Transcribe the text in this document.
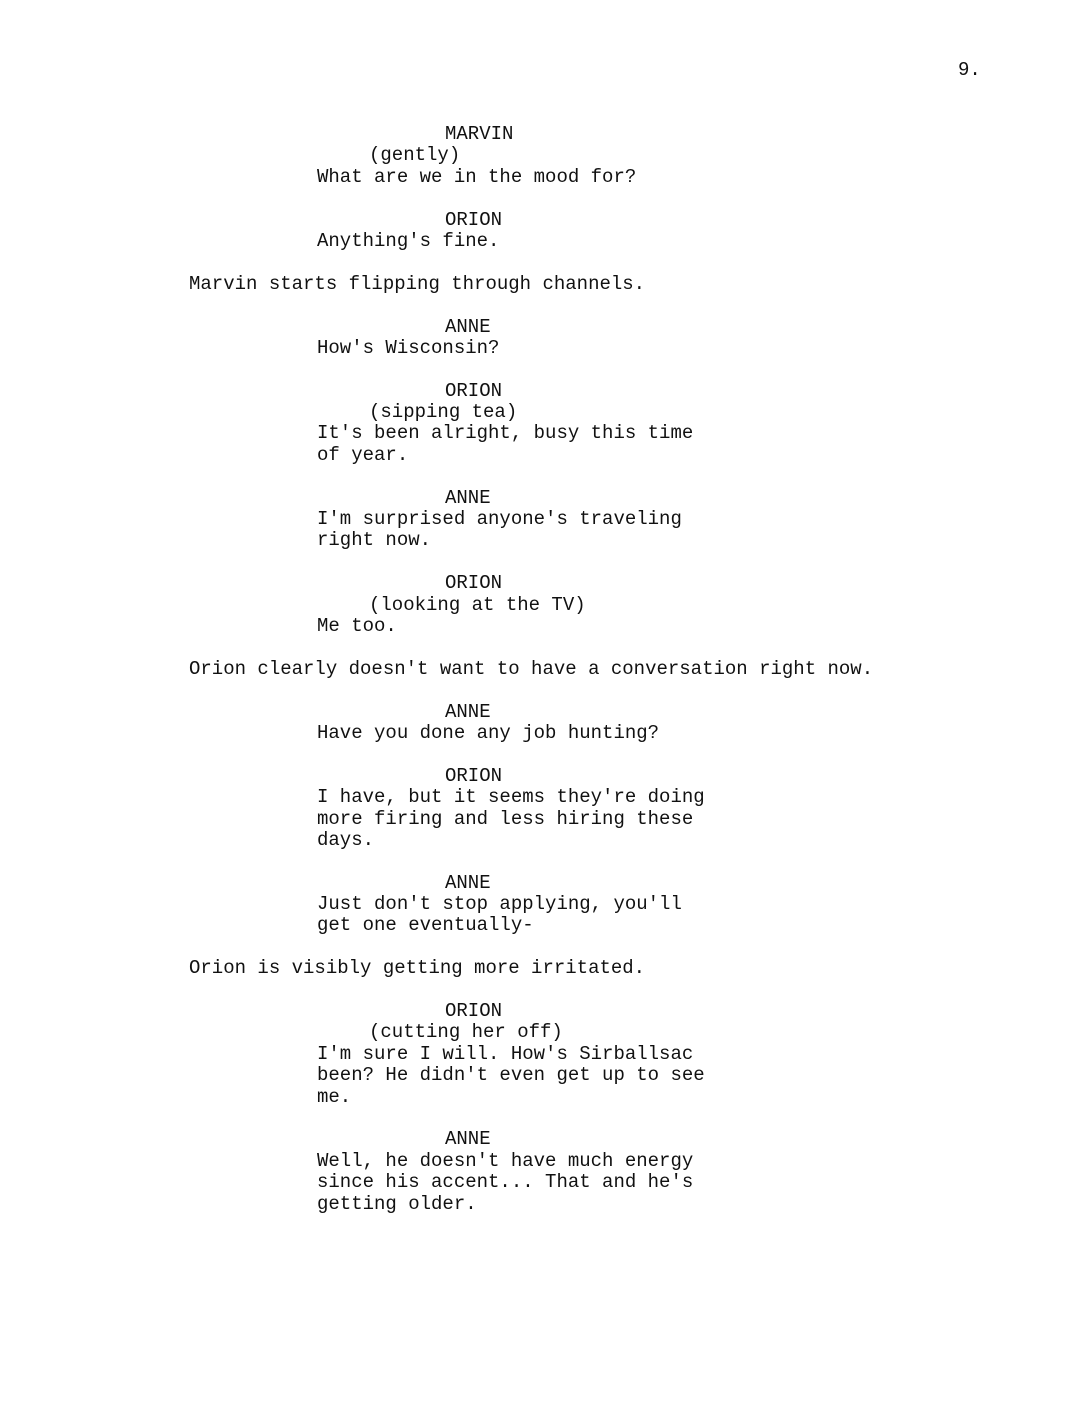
9.
MARVIN
(gently)
What are we in the mood for?
ORION
Anything's fine.
Marvin starts flipping through channels.
ANNE
How's Wisconsin?
ORION
(sipping tea)
It's been alright, busy this time
of year.
ANNE
I'm surprised anyone's traveling
right now.
ORION
(looking at the TV)
Me too.
Orion clearly doesn't want to have a conversation right now.
ANNE
Have you done any job hunting?
ORION
I have, but it seems they're doing
more firing and less hiring these
days.
ANNE
Just don't stop applying, you'll
get one eventually-
Orion is visibly getting more irritated.
ORION
(cutting her off)
I'm sure I will. How's Sirballsac
been? He didn't even get up to see
me.
ANNE
Well, he doesn't have much energy
since his accent... That and he's
getting older.
